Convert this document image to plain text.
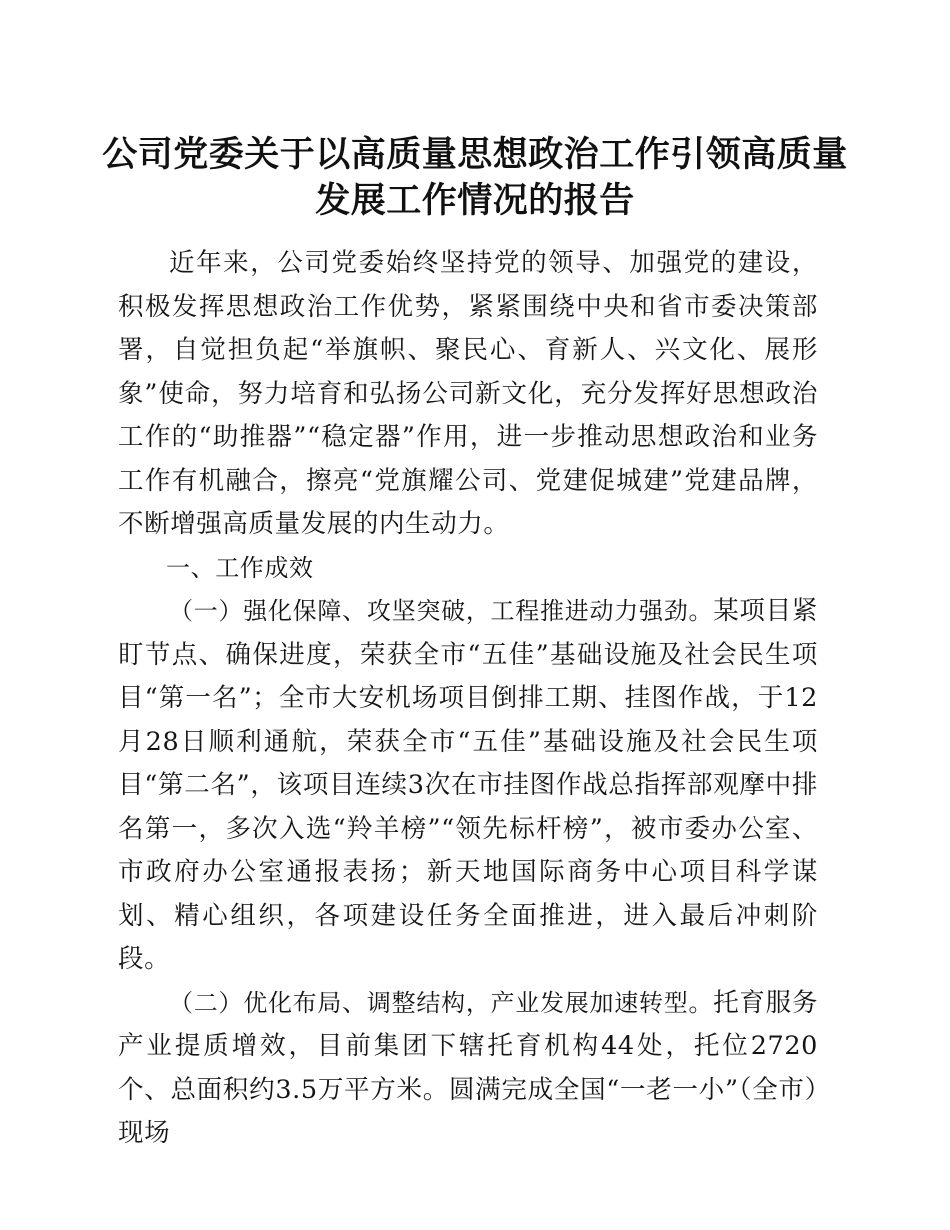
公司党委关于以高质量思想政治工作引领高质量发展工作情况的报告

近年来，公司党委始终坚持党的领导、加强党的建设，积极发挥思想政治工作优势，紧紧围绕中央和省市委决策部署，自觉担负起“举旗帜、聚民心、育新人、兴文化、展形象”使命，努力培育和弘扬公司新文化，充分发挥好思想政治工作的“助推器”“稳定器”作用，进一步推动思想政治和业务工作有机融合，擦亮“党旗耀公司、党建促城建”党建品牌，不断增强高质量发展的内生动力。

一、工作成效

（一）强化保障、攻坚突破，工程推进动力强劲。某项目紧盯节点、确保进度，荣获全市“五佳”基础设施及社会民生项目“第一名”；全市大安机场项目倒排工期、挂图作战，于12月28日顺利通航，荣获全市“五佳”基础设施及社会民生项目“第二名”，该项目连续3次在市挂图作战总指挥部观摩中排名第一，多次入选“羚羊榜”“领先标杆榜”，被市委办公室、市政府办公室通报表扬；新天地国际商务中心项目科学谋划、精心组织，各项建设任务全面推进，进入最后冲刺阶段。

（二）优化布局、调整结构，产业发展加速转型。托育服务产业提质增效，目前集团下辖托育机构44处，托位2720个、总面积约3.5万平方米。圆满完成全国“一老一小”（全市）现场
